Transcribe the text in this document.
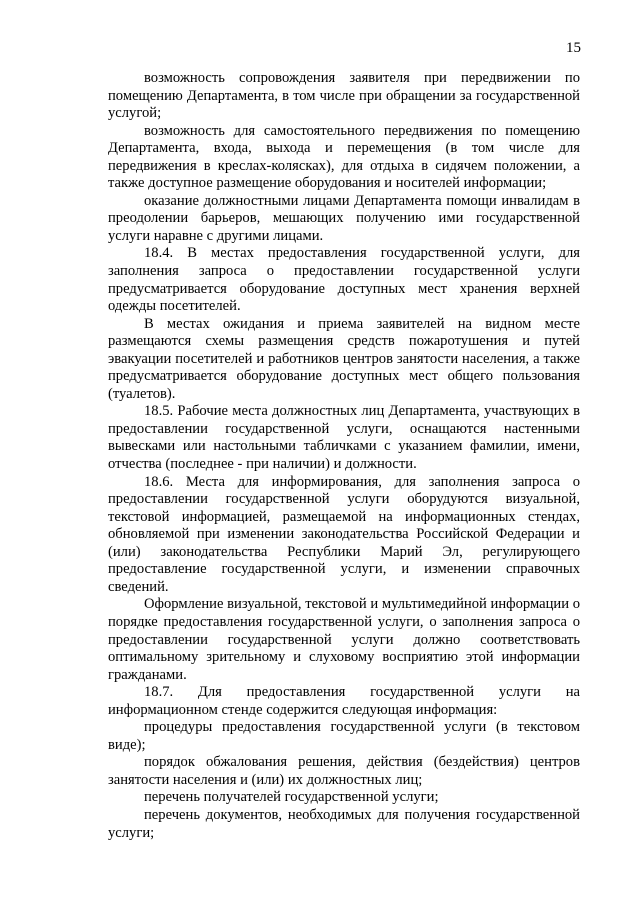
15

возможность сопровождения заявителя при передвижении по помещению Департамента, в том числе при обращении за государственной услугой;

возможность для самостоятельного передвижения по помещению Департамента, входа, выхода и перемещения (в том числе для передвижения в креслах-колясках), для отдыха в сидячем положении, а также доступное размещение оборудования и носителей информации;

оказание должностными лицами Департамента помощи инвалидам в преодолении барьеров, мешающих получению ими государственной услуги наравне с другими лицами.

18.4. В местах предоставления государственной услуги, для заполнения запроса о предоставлении государственной услуги предусматривается оборудование доступных мест хранения верхней одежды посетителей.

В местах ожидания и приема заявителей на видном месте размещаются схемы размещения средств пожаротушения и путей эвакуации посетителей и работников центров занятости населения, а также предусматривается оборудование доступных мест общего пользования (туалетов).

18.5. Рабочие места должностных лиц Департамента, участвующих в предоставлении государственной услуги, оснащаются настенными вывесками или настольными табличками с указанием фамилии, имени, отчества (последнее - при наличии) и должности.

18.6. Места для информирования, для заполнения запроса о предоставлении государственной услуги оборудуются визуальной, текстовой информацией, размещаемой на информационных стендах, обновляемой при изменении законодательства Российской Федерации и (или) законодательства Республики Марий Эл, регулирующего предоставление государственной услуги, и изменении справочных сведений.

Оформление визуальной, текстовой и мультимедийной информации о порядке предоставления государственной услуги, о заполнения запроса о предоставлении государственной услуги должно соответствовать оптимальному зрительному и слуховому восприятию этой информации гражданами.

18.7. Для предоставления государственной услуги на информационном стенде содержится следующая информация:

процедуры предоставления государственной услуги (в текстовом виде);

порядок обжалования решения, действия (бездействия) центров занятости населения и (или) их должностных лиц;

перечень получателей государственной услуги;

перечень документов, необходимых для получения государственной услуги;
